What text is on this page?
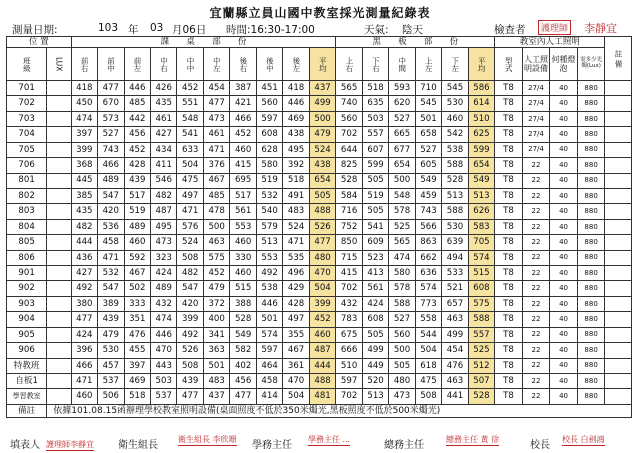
宜蘭縣立員山國中教室採光測量紀錄表
測量日期:	103 年 03 月06日 時間:16:30-17:00	天氣: 陰天	檢查者	護理師 李靜宜
位 置		課　　桌　　部　　份										黑　　板　　部　　份						教室內人工照明				註 備
班級	LUX	前右	前中	前左	中右	中中	中左	後右	後中	後左	平均	上右	下右	中間	上左	下左	平均	型式	人工照明設備	何種燈泡	需多少光燭(Lux)	
701		418	477	446	426	452	454	387	451	418	437	565	518	593	710	545	586	T8	27/4	40	880	
702		450	670	485	435	551	477	421	560	446	499	740	635	620	545	530	614	T8	27/4	40	880	
703		474	573	442	461	548	473	466	597	469	500	560	503	527	501	460	510	T8	27/4	40	880	
704		397	527	456	427	541	461	452	608	438	479	702	557	665	658	542	625	T8	27/4	40	880	
705		399	743	452	434	633	471	460	628	495	524	644	607	677	527	538	599	T8	27/4	40	880	
706		368	466	428	411	504	376	415	580	392	438	825	599	654	605	588	654	T8	22	40	880	
801		445	489	439	546	475	467	695	519	518	654	528	505	500	549	528	549	T8	22	40	880	
802		385	547	517	482	497	485	517	532	491	505	584	519	548	459	513	513	T8	22	40	880	
803		435	420	519	487	471	478	561	540	483	488	716	505	578	743	588	626	T8	22	40	880	
804		482	536	489	495	576	500	553	579	524	526	752	541	525	566	530	583	T8	22	40	880	
805		444	458	460	473	524	463	460	513	471	477	850	609	565	863	639	705	T8	22	40	880	
806		436	471	592	323	508	575	330	553	535	480	715	523	474	662	494	574	T8	22	40	880	
901		427	532	467	424	482	452	460	492	496	470	415	413	580	636	533	515	T8	22	40	880	
902		492	547	502	489	547	479	515	538	429	504	702	561	578	574	521	608	T8	22	40	880	
903		380	389	333	432	420	372	388	446	428	399	432	424	588	773	657	575	T8	22	40	880	
904		477	439	351	474	399	400	528	501	497	452	783	608	527	558	463	588	T8	22	40	880	
905		424	479	476	446	492	341	549	574	355	460	675	505	560	544	499	557	T8	22	40	880	
906		396	530	455	470	526	363	582	597	467	487	666	499	500	504	454	525	T8	22	40	880	
特教班		466	457	397	443	508	501	402	464	361	444	510	449	505	618	476	512	T8	22	40	880	
自板1		471	537	469	503	439	483	456	458	470	488	597	520	480	475	463	507	T8	22	40	880	
學習教室		460	506	518	537	477	437	477	414	504	481	702	513	473	508	441	528	T8	22	40	880	
備註	依據101.08.15函辦理學校教室照明設備(桌面照度不低於350米燭光,黑板照度不低於500米燭光)																					
填表人 護理師李靜宜 衛生組長
衛生組長 李欣珊
學務主任
學務主任 ...
總務主任
總務主任 黃 徐
校長
校長 白劍鴻
